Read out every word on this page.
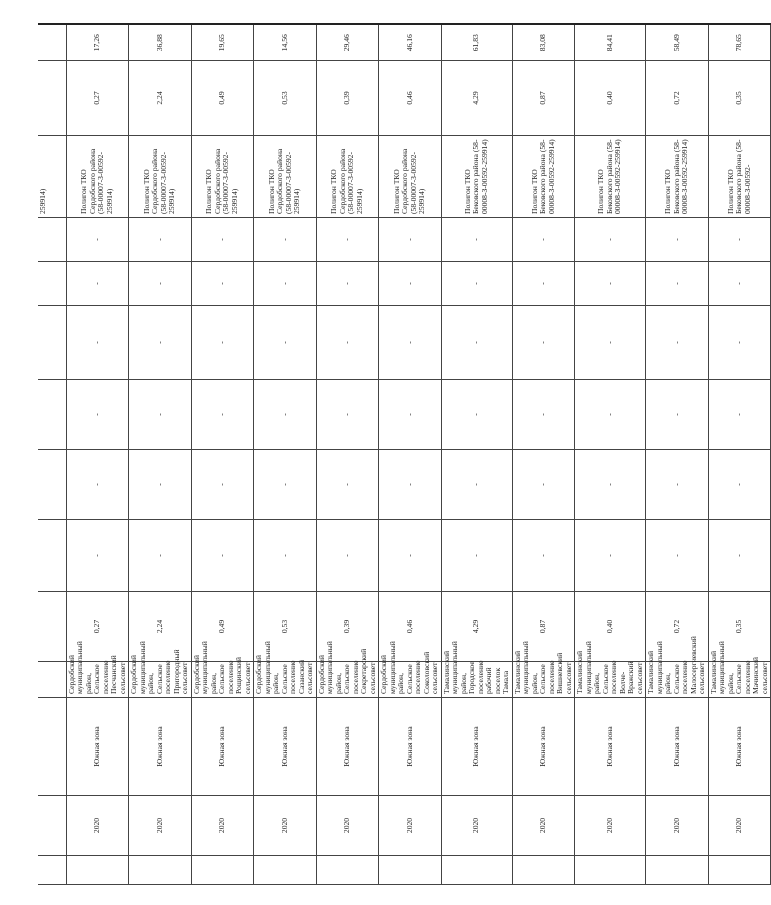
											259914)		
	2020	Южная зона	Сердобский муниципальный район, Сельское поселение Песчанский сельсовет	0,27	-	-	-	-	-	-	Полигон ТКО Сердобского района (58-00007-З-00592-259914)	0,27	17,26
	2020	Южная зона	Сердобский муниципальный район, Сельское поселение Пригородный сельсовет	2,24	-	-	-	-	-	-	Полигон ТКО Сердобского района (58-00007-З-00592-259914)	2,24	36,88
	2020	Южная зона	Сердобский муниципальный район, Сельское поселение Рощинский сельсовет	0,49	-	-	-	-	-	-	Полигон ТКО Сердобского района (58-00007-З-00592-259914)	0,49	19,65
	2020	Южная зона	Сердобский муниципальный район, Сельское поселение Сазанский сельсовет	0,53	-	-	-	-	-	-	Полигон ТКО Сердобского района (58-00007-З-00592-259914)	0,53	14,56
	2020	Южная зона	Сердобский муниципальный район, Сельское поселение Секретарский сельсовет	0,39	-	-	-	-	-	-	Полигон ТКО Сердобского района (58-00007-З-00592-259914)	0,39	29,46
	2020	Южная зона	Сердобский муниципальный район, Сельское поселение Соколовский сельсовет	0,46	-	-	-	-	-	-	Полигон ТКО Сердобского района (58-00007-З-00592-259914)	0,46	46,16
	2020	Южная зона	Тамалинский муниципальный район, Городское поселение рабочий поселок Тамала	4,29	-	-	-	-	-	-	Полигон ТКО Бековского района (58-00008-З-00592-259914)	4,29	61,83
	2020	Южная зона	Тамалинский муниципальный район, Сельское поселение Вишневский сельсовет	0,87	-	-	-	-	-	-	Полигон ТКО Бековского района (58-00008-З-00592-259914)	0,87	83,08
	2020	Южная зона	Тамалинский муниципальный район, Сельское поселение Волче-Вражский сельсовет	0,40	-	-	-	-	-	-	Полигон ТКО Бековского района (58-00008-З-00592-259914)	0,40	84,41
	2020	Южная зона	Тамалинский муниципальный район, Сельское поселение Малосергиевский сельсовет	0,72	-	-	-	-	-	-	Полигон ТКО Бековского района (58-00008-З-00592-259914)	0,72	58,49
	2020	Южная зона	Тамалинский муниципальный район, Сельское поселение Мачинский сельсовет	0,35	-	-	-	-	-	-	Полигон ТКО Бековского района (58-00008-З-00592-	0,35	78,65
